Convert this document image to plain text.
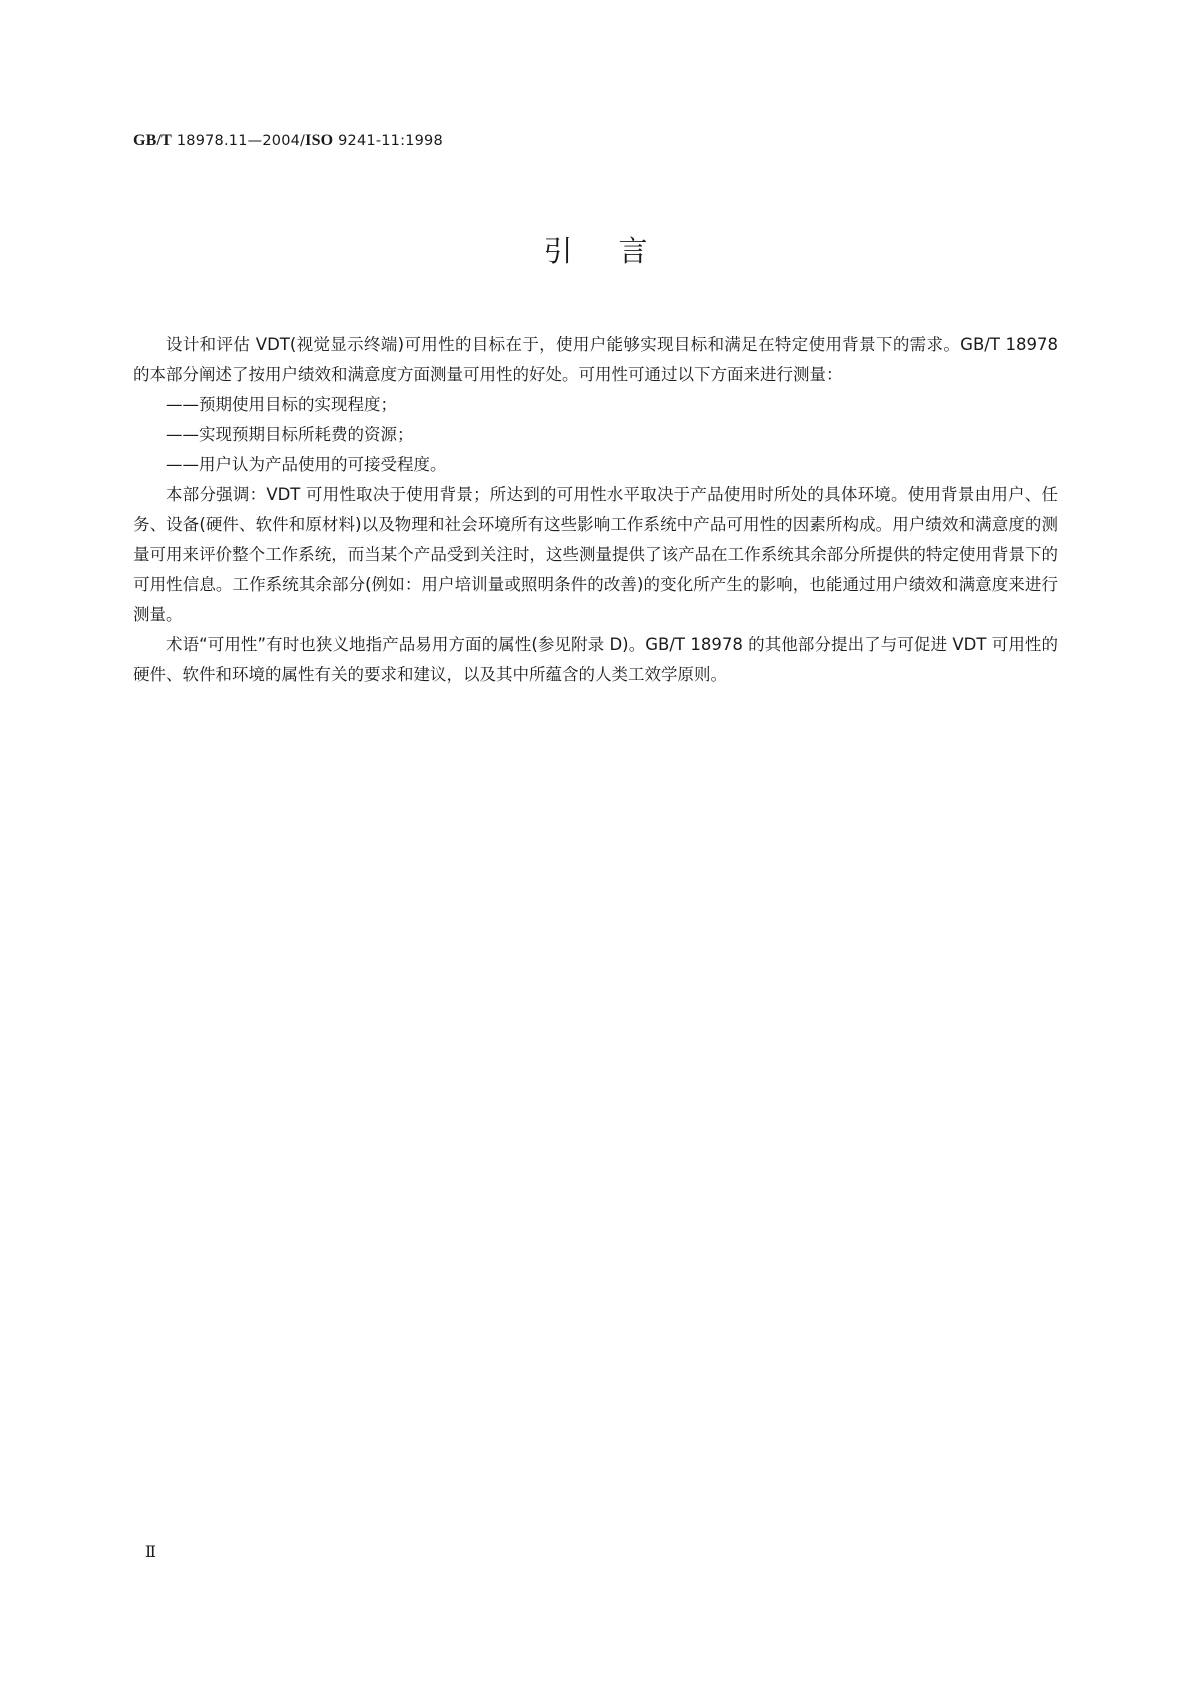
GB/T 18978.11—2004/ISO 9241-11:1998
引言

设计和评估 VDT(视觉显示终端)可用性的目标在于，使用户能够实现目标和满足在特定使用背景下的需求。GB/T 18978 的本部分阐述了按用户绩效和满意度方面测量可用性的好处。可用性可通过以下方面来进行测量：

——预期使用目标的实现程度；

——实现预期目标所耗费的资源；

——用户认为产品使用的可接受程度。

本部分强调：VDT 可用性取决于使用背景；所达到的可用性水平取决于产品使用时所处的具体环境。使用背景由用户、任务、设备(硬件、软件和原材料)以及物理和社会环境所有这些影响工作系统中产品可用性的因素所构成。用户绩效和满意度的测量可用来评价整个工作系统，而当某个产品受到关注时，这些测量提供了该产品在工作系统其余部分所提供的特定使用背景下的可用性信息。工作系统其余部分(例如：用户培训量或照明条件的改善)的变化所产生的影响，也能通过用户绩效和满意度来进行测量。

术语“可用性”有时也狭义地指产品易用方面的属性(参见附录 D)。GB/T 18978 的其他部分提出了与可促进 VDT 可用性的硬件、软件和环境的属性有关的要求和建议，以及其中所蕴含的人类工效学原则。

Ⅱ
